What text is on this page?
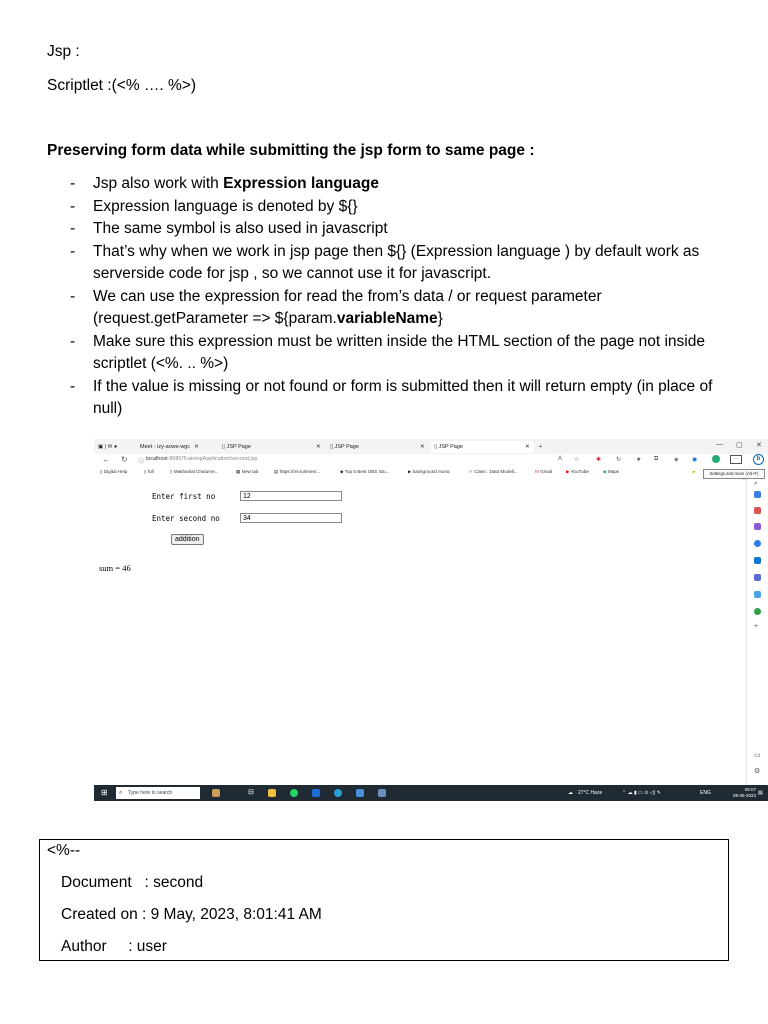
Jsp :
Scriptlet :(<% …. %>)
Preserving form data while submitting the jsp form to same page :
- Jsp also work with Expression language
- Expression language is denoted by ${}
- The same symbol is also used in javascript
- That’s why when we work in jsp page then ${} (Expression language ) by default work as serverside code for jsp , so we cannot use it for javascript.
- We can use the expression for read the from’s data / or request parameter (request.getParameter => ${param.variableName}
- Make sure this expression must be written inside the HTML section of the page not inside scriptlet (<%. .. %>)
- If the value is missing or not found or form is submitted then it will return empty (in place of null)
▣ | ✉ ●	Meet - izy-aows-wgc ✕	▯ JSP Page	✕ ▯ JSP Page	✕	▯ JSP Page	✕	+	— ▢ ✕
← ↻ ⓘ localhost:8080/TrainingApplication/second.jsp	A ☆	✱ ↻ ★ ⧉	◈ ◉	···	b
▯ Digital Help	▯ full	▯ Makhanlal Chaturve...	▦ New tab	▤ https://recruitment...	◆ Top 5 Best OBS Stu...	▶ background music	✓ Class : Data Modell...	M Gmail	▶ YouTube	◆ Maps	▰	Settings and more (Alt+F)
Enter first no	12
Enter second no	34
addition
sum = 46
⌕
+
▭
⚙
⊞ ⌕ Type here to search	⊟	☁ 27°C Haze	⌃ ☁ ▮ ▭ ⊙ ◁) ✎	ENG
08:07
09-05-2023 ▤
<%--
Document   : second
Created on : 9 May, 2023, 8:01:41 AM
Author     : user
